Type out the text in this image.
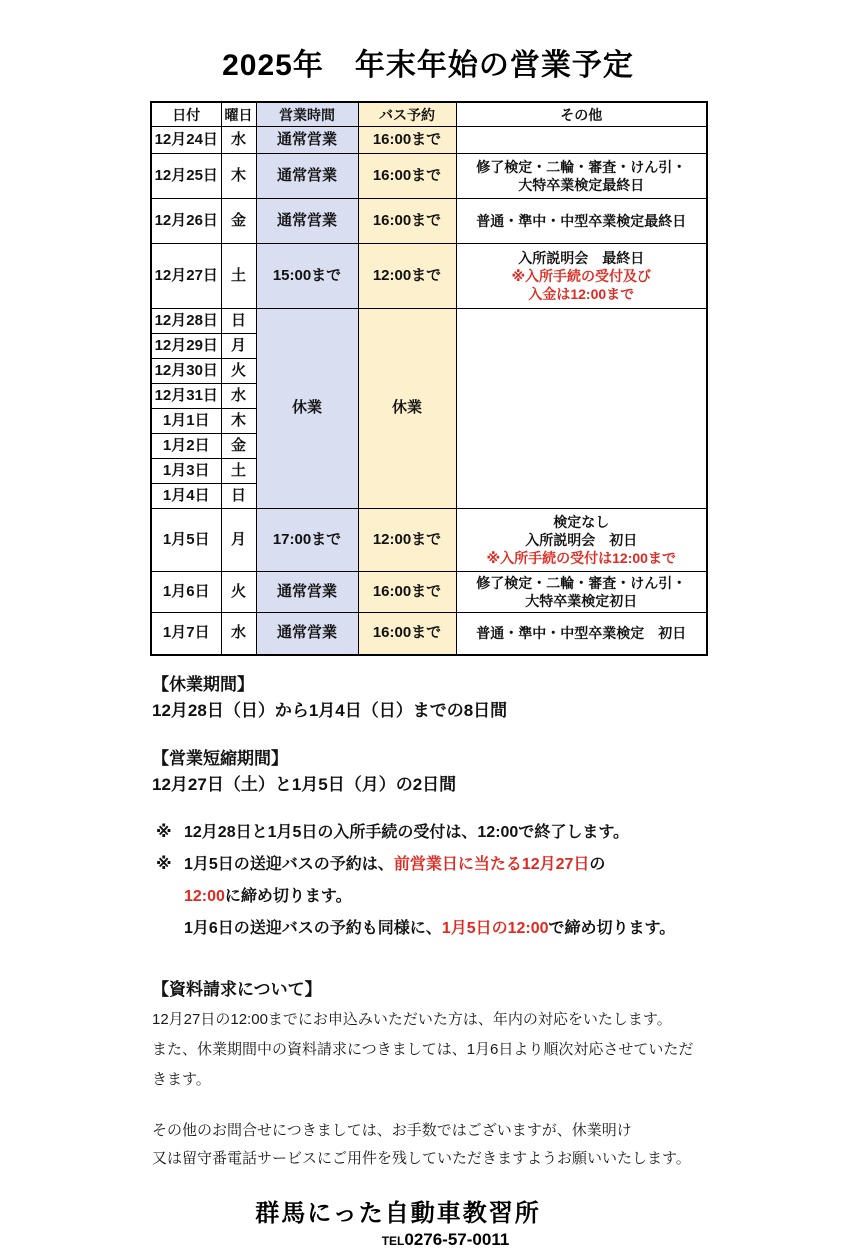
2025年　年末年始の営業予定
日付	曜日	営業時間	バス予約	その他
12月24日	水	通常営業	16:00まで	
12月25日	木	通常営業	16:00まで	修了検定・二輪・審査・けん引・
大特卒業検定最終日

12月26日	金	通常営業	16:00まで	普通・準中・中型卒業検定最終日

12月27日	土	15:00まで	12:00まで	入所説明会　最終日
※入所手続の受付及び
入金は12:00まで

12月28日	日	休業	休業	
12月29日	月			
12月30日	火			
12月31日	水			
1月1日	木			
1月2日	金			
1月3日	土			
1月4日	日			
1月5日	月	17:00まで	12:00まで	検定なし
入所説明会　初日
※入所手続の受付は12:00まで

1月6日	火	通常営業	16:00まで	修了検定・二輪・審査・けん引・
大特卒業検定初日

1月7日	水	通常営業	16:00まで	普通・準中・中型卒業検定　初日
【休業期間】
12月28日（日）から1月4日（日）までの8日間
【営業短縮期間】
12月27日（土）と1月5日（月）の2日間
※ 12月28日と1月5日の入所手続の受付は、12:00で終了します。
※ 1月5日の送迎バスの予約は、前営業日に当たる12月27日の
12:00に締め切ります。
1月6日の送迎バスの予約も同様に、1月5日の12:00で締め切ります。
【資料請求について】
12月27日の12:00までにお申込みいただいた方は、年内の対応をいたします。
また、休業期間中の資料請求につきましては、1月6日より順次対応させていただきます。
その他のお問合せにつきましては、お手数ではございますが、休業明け
又は留守番電話サービスにご用件を残していただきますようお願いいたします。
群馬にった自動車教習所
TEL0276-57-0011
